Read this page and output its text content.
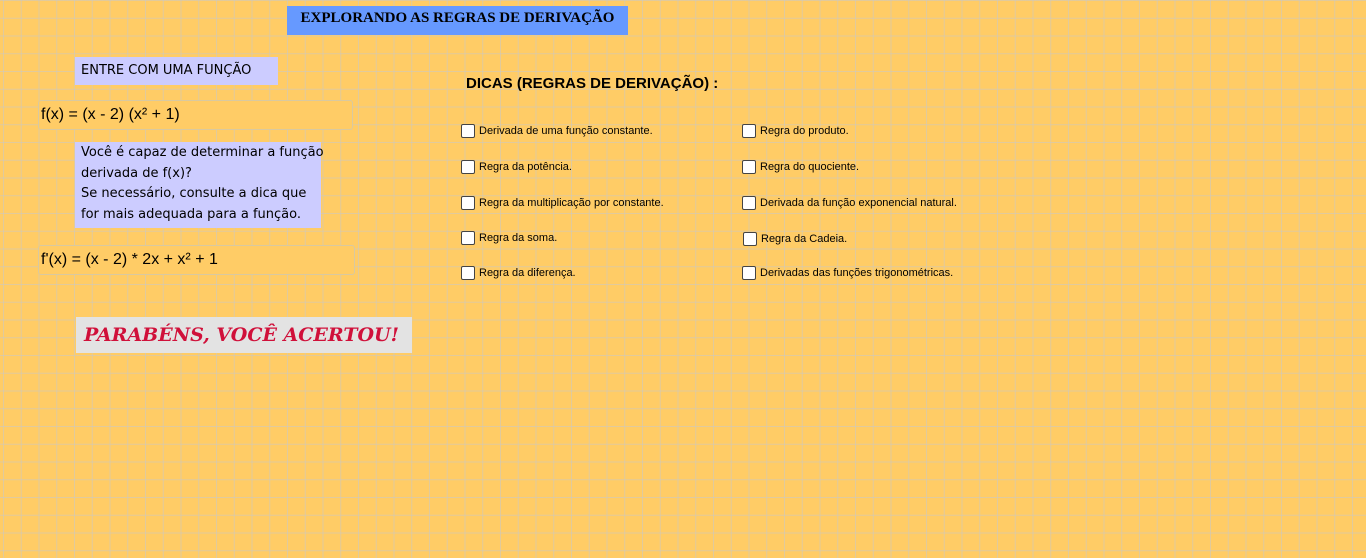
EXPLORANDO AS REGRAS DE DERIVAÇÃO
ENTRE COM UMA FUNÇÃO
f(x) = (x - 2) (x² + 1)
Você é capaz de determinar a função
derivada de f(x)?
Se necessário, consulte a dica que
for mais adequada para a função.
f'(x) = (x - 2) * 2x + x² + 1
PARABÉNS, VOCÊ ACERTOU!
DICAS (REGRAS DE DERIVAÇÃO) :
Derivada de uma função constante.
Regra da potência.
Regra da multiplicação por constante.
Regra da soma.
Regra da diferença.
Regra do produto.
Regra do quociente.
Derivada da função exponencial natural.
Regra da Cadeia.
Derivadas das funções trigonométricas.
